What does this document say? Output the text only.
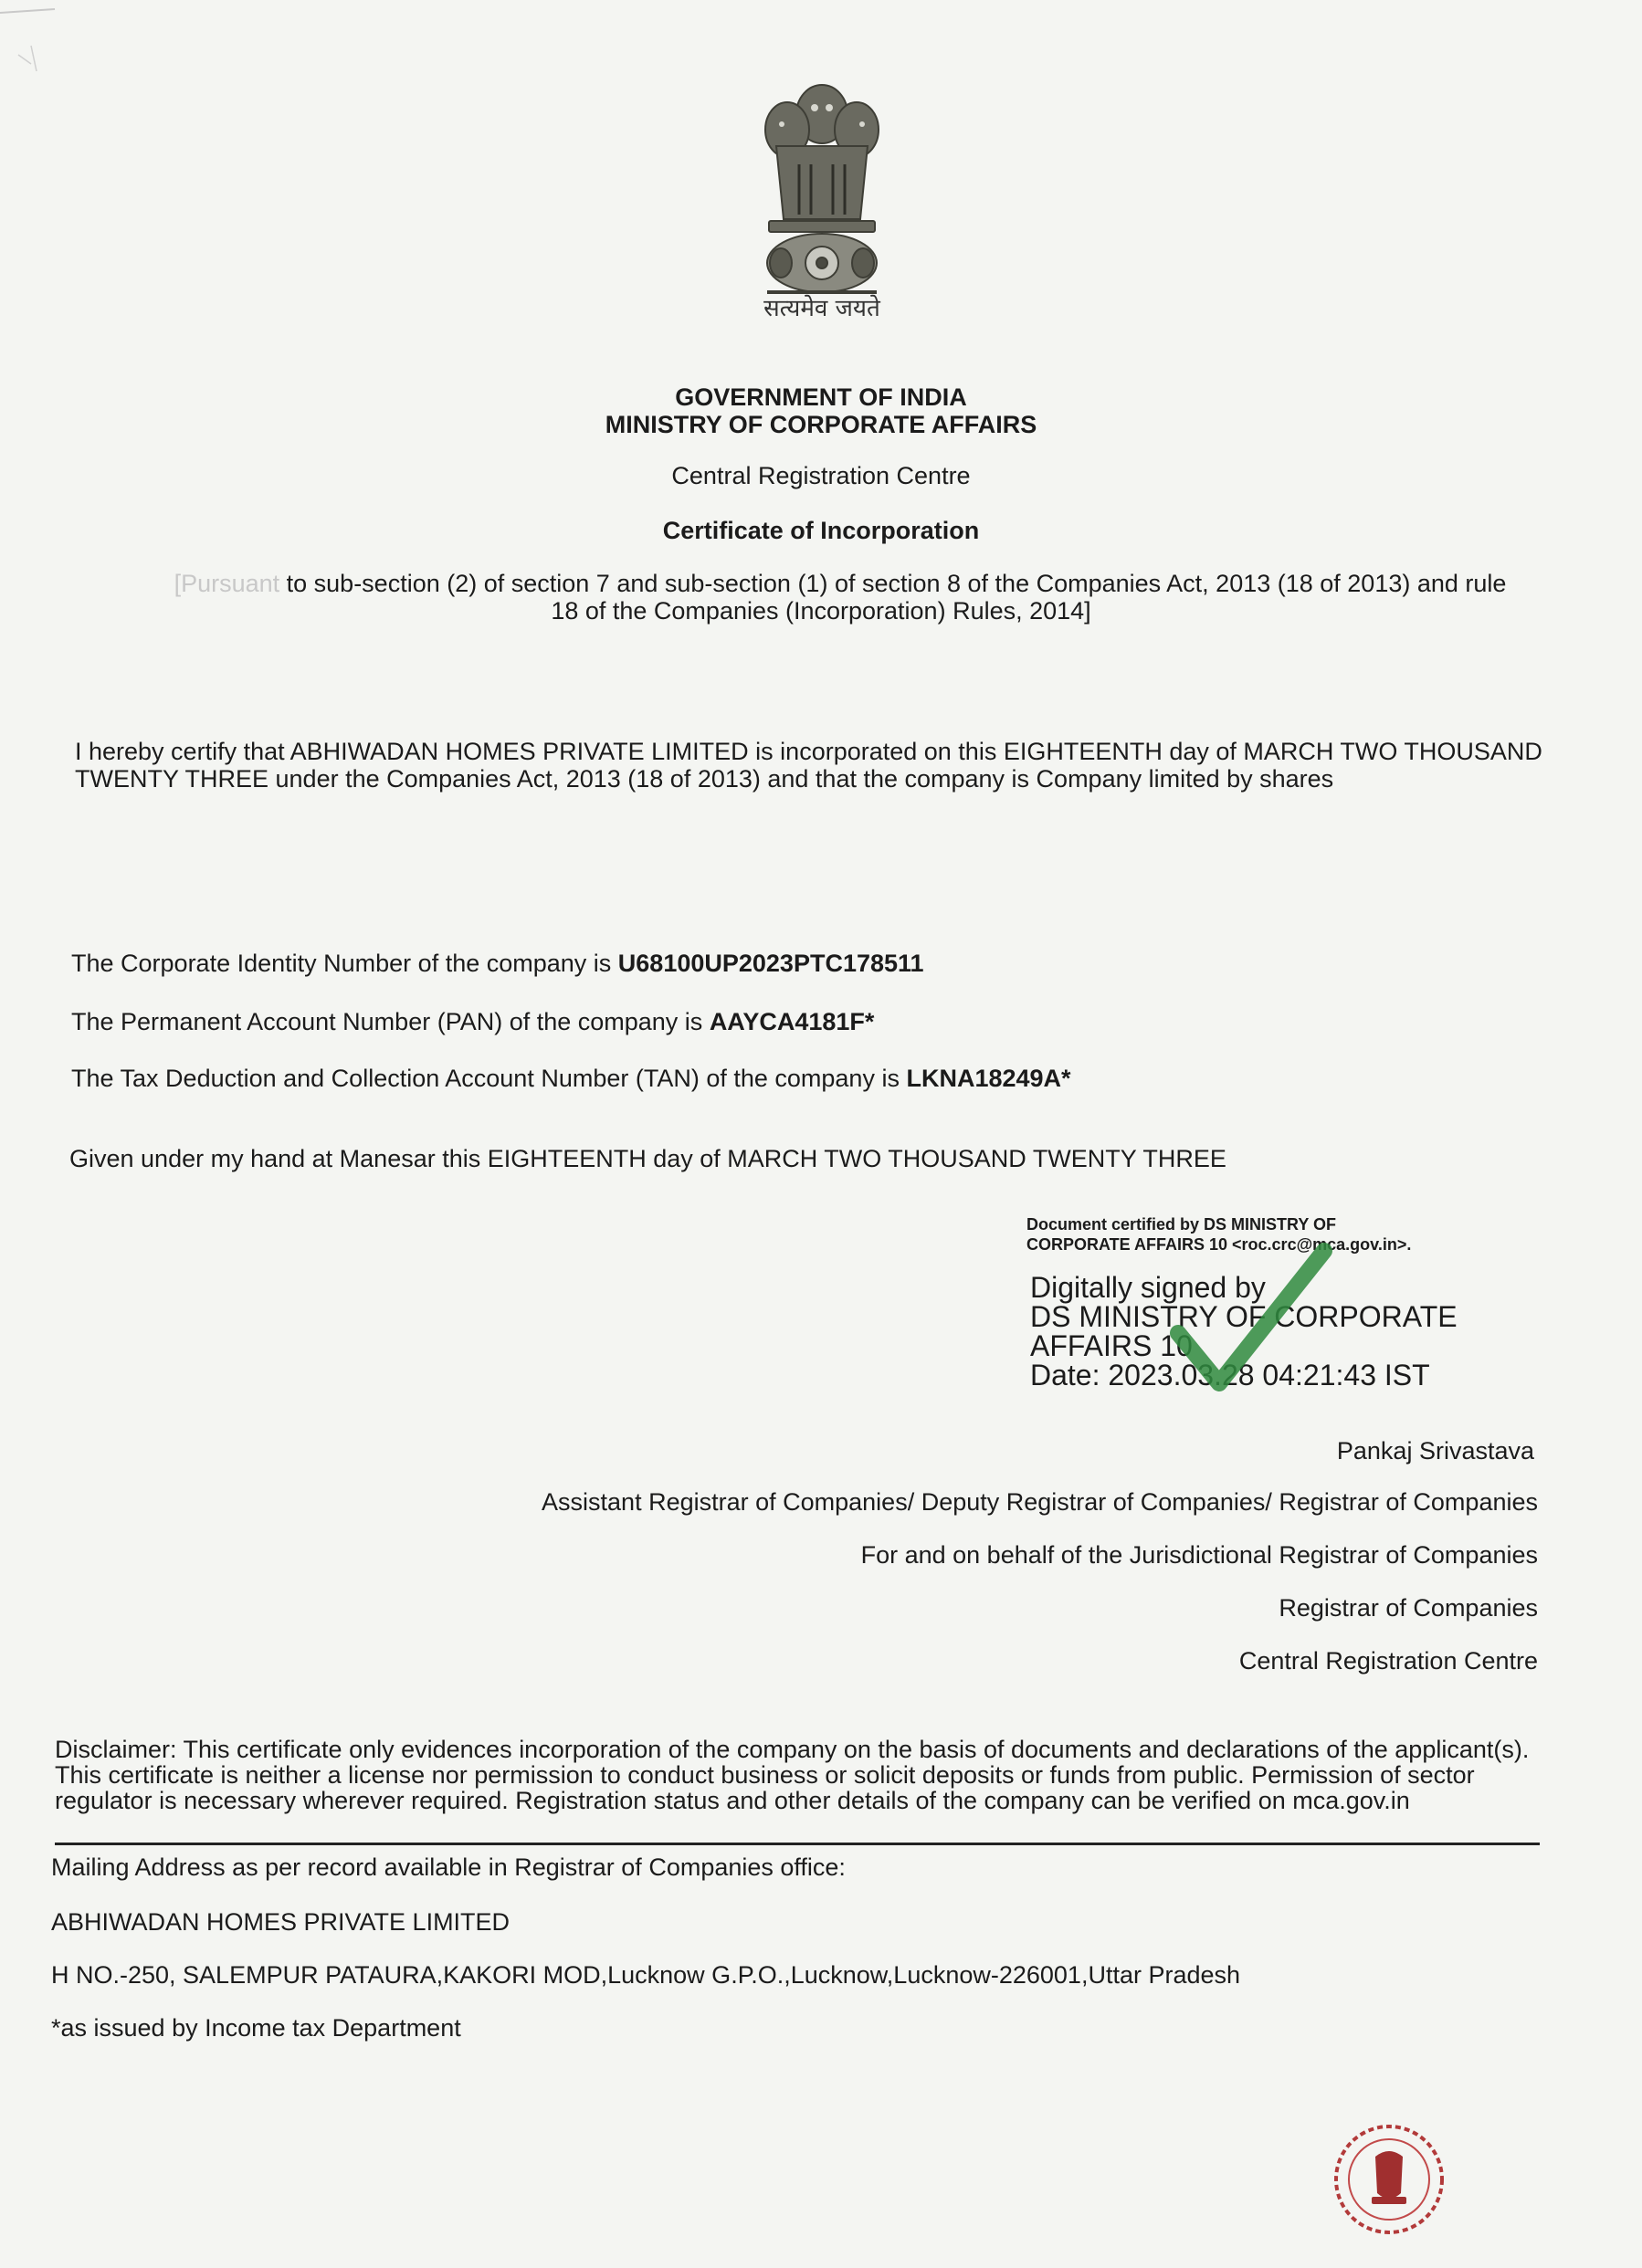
सत्यमेव जयते
GOVERNMENT OF INDIA
MINISTRY OF CORPORATE AFFAIRS
Central Registration Centre
Certificate of Incorporation
[Pursuant to sub-section (2) of section 7 and sub-section (1) of section 8 of the Companies Act, 2013 (18 of 2013) and rule
18 of the Companies (Incorporation) Rules, 2014]
I hereby certify that ABHIWADAN HOMES PRIVATE LIMITED is incorporated on this EIGHTEENTH day of MARCH TWO THOUSAND TWENTY THREE under the Companies Act, 2013 (18 of 2013) and that the company is Company limited by shares
The Corporate Identity Number of the company is U68100UP2023PTC178511
The Permanent Account Number (PAN) of the company is AAYCA4181F*
The Tax Deduction and Collection Account Number (TAN) of the company is LKNA18249A*
Given under my hand at Manesar this EIGHTEENTH day of MARCH TWO THOUSAND TWENTY THREE
Document certified by DS MINISTRY OF
CORPORATE AFFAIRS 10 <roc.crc@mca.gov.in>.
Digitally signed by
DS MINISTRY OF CORPORATE
AFFAIRS 10
Date: 2023.03.28 04:21:43 IST
Pankaj Srivastava
Assistant Registrar of Companies/ Deputy Registrar of Companies/ Registrar of Companies
For and on behalf of the Jurisdictional Registrar of Companies
Registrar of Companies
Central Registration Centre
Disclaimer: This certificate only evidences incorporation of the company on the basis of documents and declarations of the applicant(s). This certificate is neither a license nor permission to conduct business or solicit deposits or funds from public. Permission of sector regulator is necessary wherever required. Registration status and other details of the company can be verified on mca.gov.in
Mailing Address as per record available in Registrar of Companies office:
ABHIWADAN HOMES PRIVATE LIMITED
H NO.-250, SALEMPUR PATAURA,KAKORI MOD,Lucknow G.P.O.,Lucknow,Lucknow-226001,Uttar Pradesh
*as issued by Income tax Department
